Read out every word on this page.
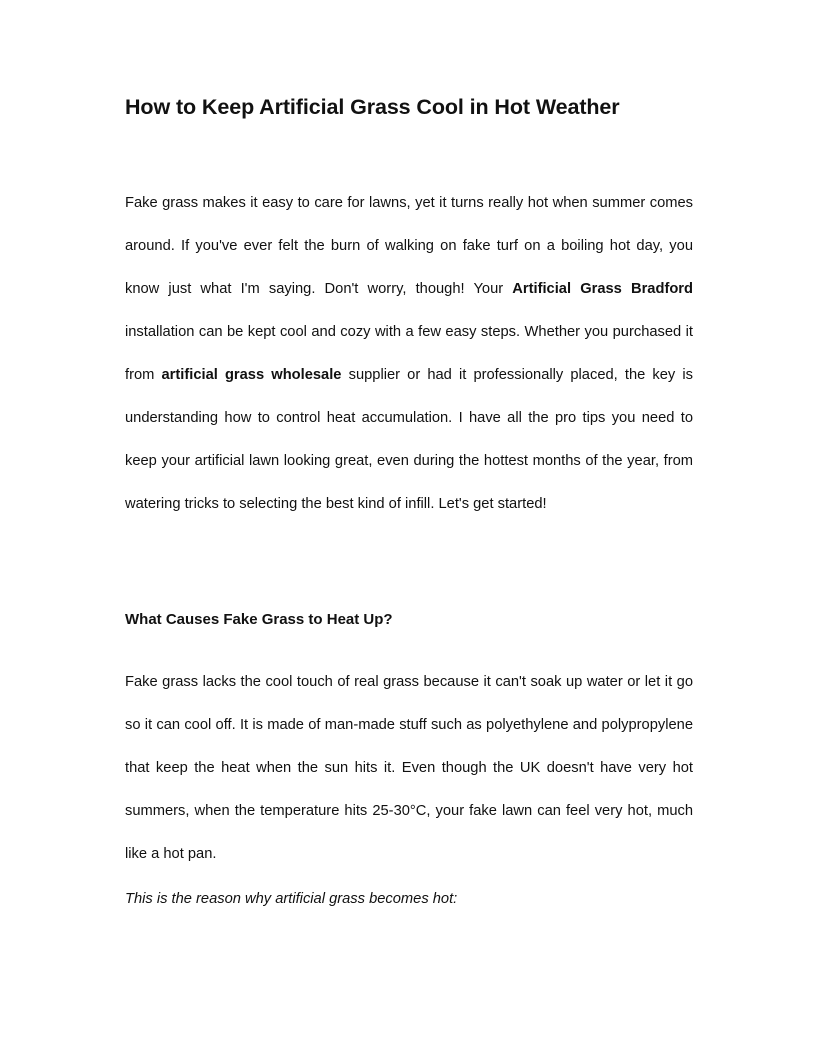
How to Keep Artificial Grass Cool in Hot Weather

Fake grass makes it easy to care for lawns, yet it turns really hot when summer comes around. If you've ever felt the burn of walking on fake turf on a boiling hot day, you know just what I'm saying. Don't worry, though! Your Artificial Grass Bradford installation can be kept cool and cozy with a few easy steps. Whether you purchased it from artificial grass wholesale supplier or had it professionally placed, the key is understanding how to control heat accumulation. I have all the pro tips you need to keep your artificial lawn looking great, even during the hottest months of the year, from watering tricks to selecting the best kind of infill. Let's get started!

What Causes Fake Grass to Heat Up?

Fake grass lacks the cool touch of real grass because it can't soak up water or let it go so it can cool off. It is made of man-made stuff such as polyethylene and polypropylene that keep the heat when the sun hits it. Even though the UK doesn't have very hot summers, when the temperature hits 25-30°C, your fake lawn can feel very hot, much like a hot pan.

This is the reason why artificial grass becomes hot:
